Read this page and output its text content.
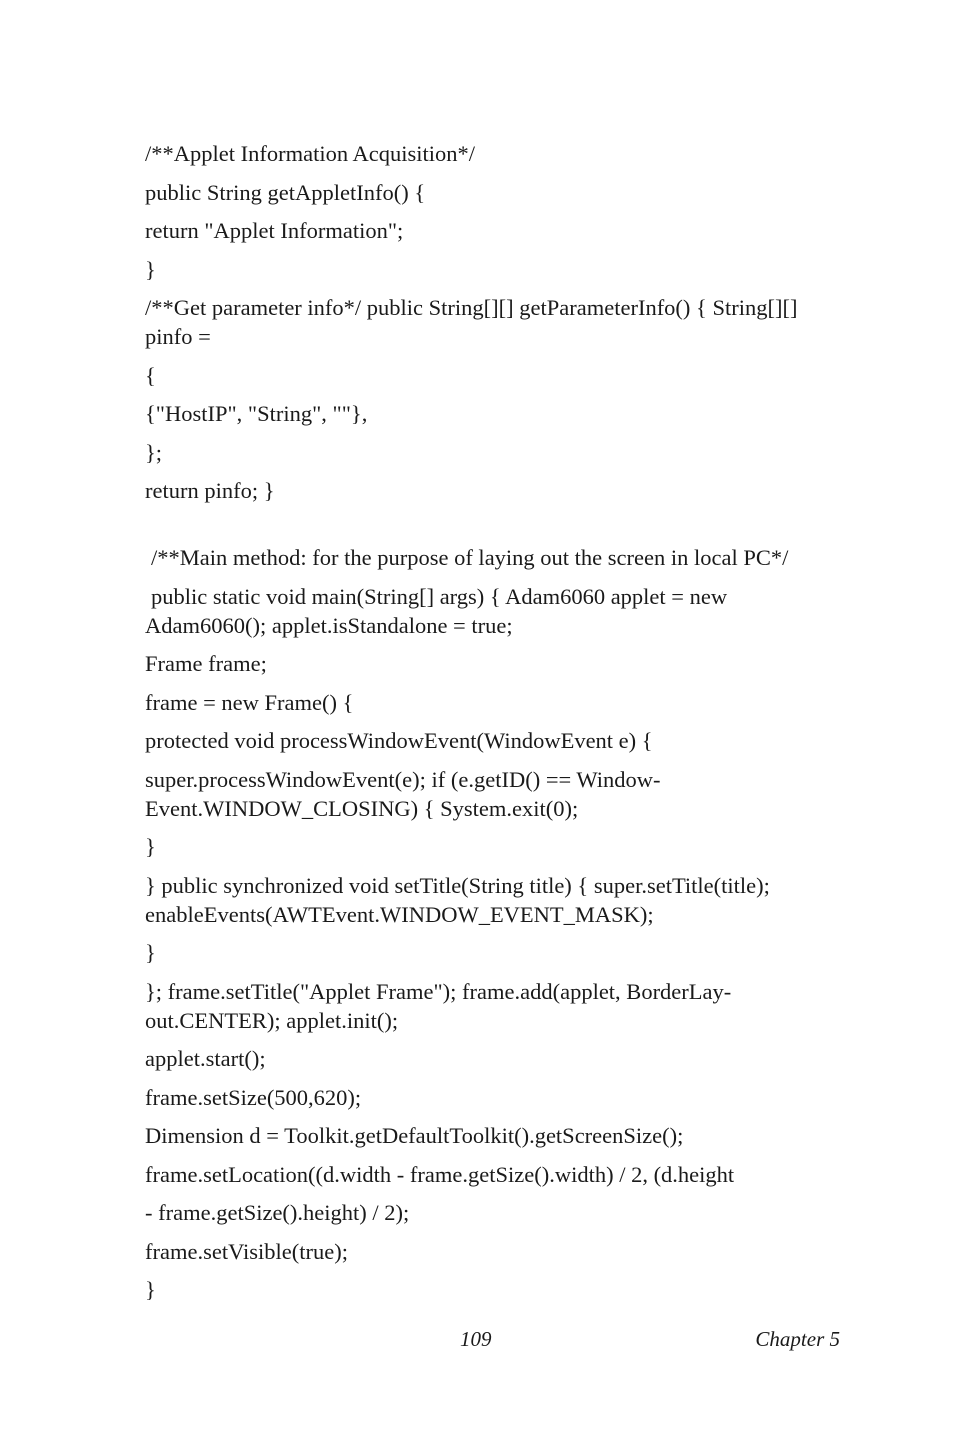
/**Applet Information Acquisition*/
public String getAppletInfo() {
return "Applet Information";
}
/**Get parameter info*/ public String[][] getParameterInfo() { String[][] pinfo =
{
{"HostIP", "String", ""},
};
return pinfo; }
/**Main method: for the purpose of laying out the screen in local PC*/
public static void main(String[] args) { Adam6060 applet = new Adam6060(); applet.isStandalone = true;
Frame frame;
frame = new Frame() {
protected void processWindowEvent(WindowEvent e) {
super.processWindowEvent(e); if (e.getID() == Window-Event.WINDOW_CLOSING) { System.exit(0);
}
} public synchronized void setTitle(String title) { super.setTitle(title); enableEvents(AWTEvent.WINDOW_EVENT_MASK);
}
}; frame.setTitle("Applet Frame"); frame.add(applet, BorderLay-out.CENTER); applet.init();
applet.start();
frame.setSize(500,620);
Dimension d = Toolkit.getDefaultToolkit().getScreenSize();
frame.setLocation((d.width - frame.getSize().width) / 2, (d.height
- frame.getSize().height) / 2);
frame.setVisible(true);
}
109	Chapter 5
